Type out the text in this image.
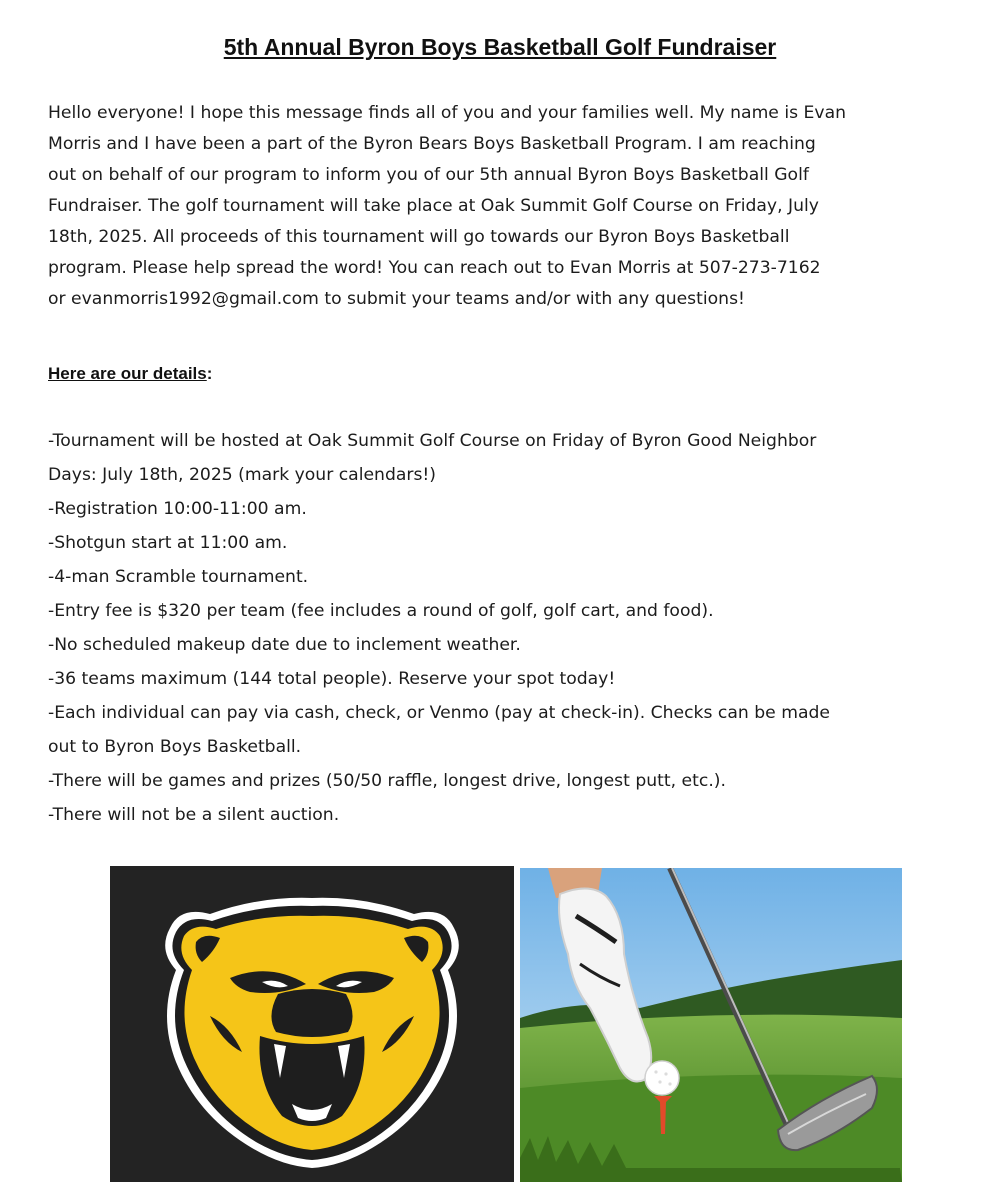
5th Annual Byron Boys Basketball Golf Fundraiser
Hello everyone! I hope this message finds all of you and your families well. My name is Evan
Morris and I have been a part of the Byron Bears Boys Basketball Program. I am reaching
out on behalf of our program to inform you of our 5th annual Byron Boys Basketball Golf
Fundraiser. The golf tournament will take place at Oak Summit Golf Course on Friday, July
18th, 2025. All proceeds of this tournament will go towards our Byron Boys Basketball
program. Please help spread the word! You can reach out to Evan Morris at 507-273-7162
or evanmorris1992@gmail.com to submit your teams and/or with any questions!
Here are our details:
-Tournament will be hosted at Oak Summit Golf Course on Friday of Byron Good Neighbor
Days: July 18th, 2025 (mark your calendars!)
-Registration 10:00-11:00 am.
-Shotgun start at 11:00 am.
-4-man Scramble tournament.
-Entry fee is $320 per team (fee includes a round of golf, golf cart, and food).
-No scheduled makeup date due to inclement weather.
-36 teams maximum (144 total people). Reserve your spot today!
-Each individual can pay via cash, check, or Venmo (pay at check-in). Checks can be made
out to Byron Boys Basketball.
-There will be games and prizes (50/50 raffle, longest drive, longest putt, etc.).
-There will not be a silent auction.
